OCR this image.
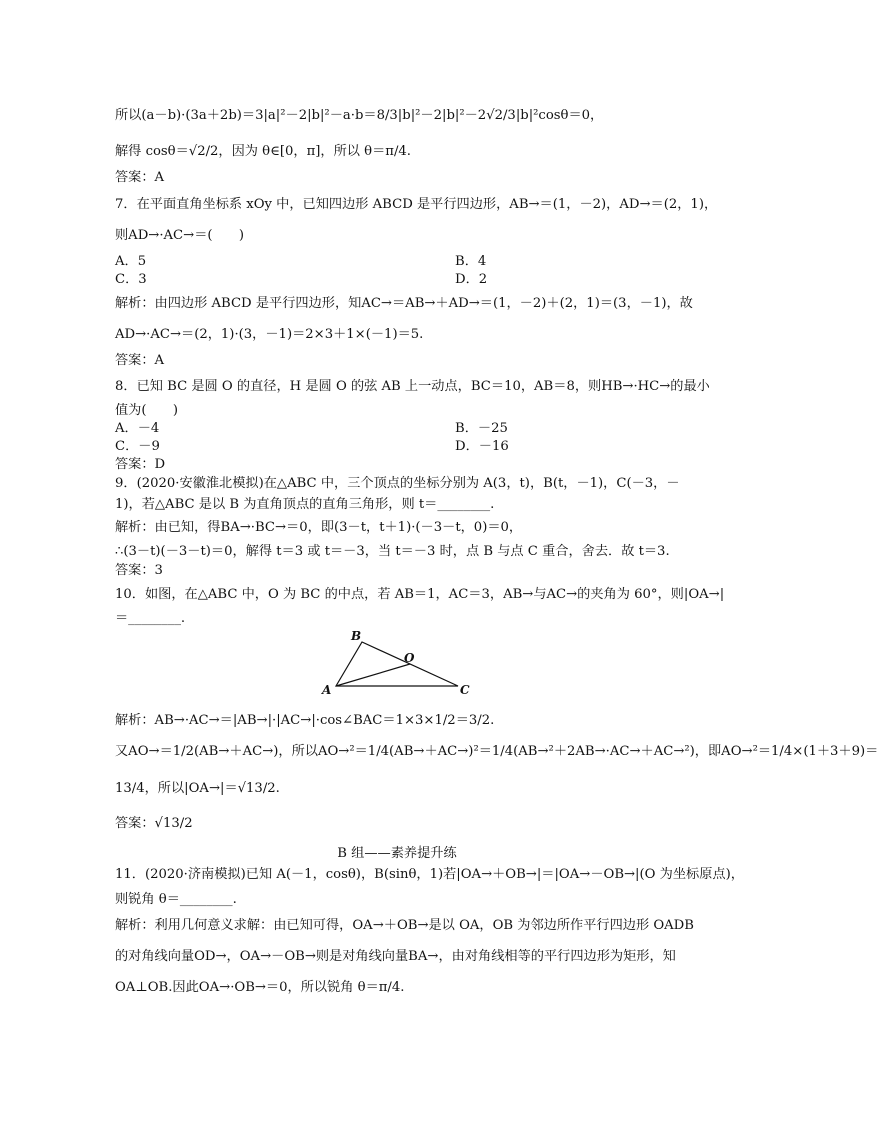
所以(a－b)·(3a＋2b)＝3|a|²－2|b|²－a·b＝8/3|b|²－2|b|²－2√2/3|b|²cosθ＝0，
解得 cosθ＝√2/2，因为 θ∈[0，π]，所以 θ＝π/4.
答案：A
7．在平面直角坐标系 xOy 中，已知四边形 ABCD 是平行四边形，AB→＝(1，－2)，AD→＝(2，1)，
则AD→·AC→＝(　　)
A．5	B．4
C．3	D．2
解析：由四边形 ABCD 是平行四边形，知AC→＝AB→＋AD→＝(1，－2)＋(2，1)＝(3，－1)，故
AD→·AC→＝(2，1)·(3，－1)＝2×3＋1×(－1)＝5.
答案：A
8．已知 BC 是圆 O 的直径，H 是圆 O 的弦 AB 上一动点，BC＝10，AB＝8，则HB→·HC→的最小
值为(　　)
A．－4	B．－25
C．－9	D．－16
答案：D
9．(2020·安徽淮北模拟)在△ABC 中，三个顶点的坐标分别为 A(3，t)，B(t，－1)，C(－3，－
1)，若△ABC 是以 B 为直角顶点的直角三角形，则 t＝________.
解析：由已知，得BA→·BC→＝0，即(3－t，t＋1)·(－3－t，0)＝0，
∴(3－t)(－3－t)＝0，解得 t＝3 或 t＝－3，当 t＝－3 时，点 B 与点 C 重合，舍去．故 t＝3.
答案：3
10．如图，在△ABC 中，O 为 BC 的中点，若 AB＝1，AC＝3，AB→与AC→的夹角为 60°，则|OA→|
＝________.
B
O
A	C
解析：AB→·AC→＝|AB→|·|AC→|·cos∠BAC＝1×3×1/2＝3/2.
又AO→＝1/2(AB→＋AC→)，所以AO→²＝1/4(AB→＋AC→)²＝1/4(AB→²＋2AB→·AC→＋AC→²)，即AO→²＝1/4×(1＋3＋9)＝
13/4，所以|OA→|＝√13/2.
答案：√13/2
B 组——素养提升练
11．(2020·济南模拟)已知 A(－1，cosθ)，B(sinθ，1)若|OA→＋OB→|＝|OA→－OB→|(O 为坐标原点)，
则锐角 θ＝________.
解析：利用几何意义求解：由已知可得，OA→＋OB→是以 OA，OB 为邻边所作平行四边形 OADB
的对角线向量OD→，OA→－OB→则是对角线向量BA→，由对角线相等的平行四边形为矩形，知
OA⊥OB.因此OA→·OB→＝0，所以锐角 θ＝π/4.
